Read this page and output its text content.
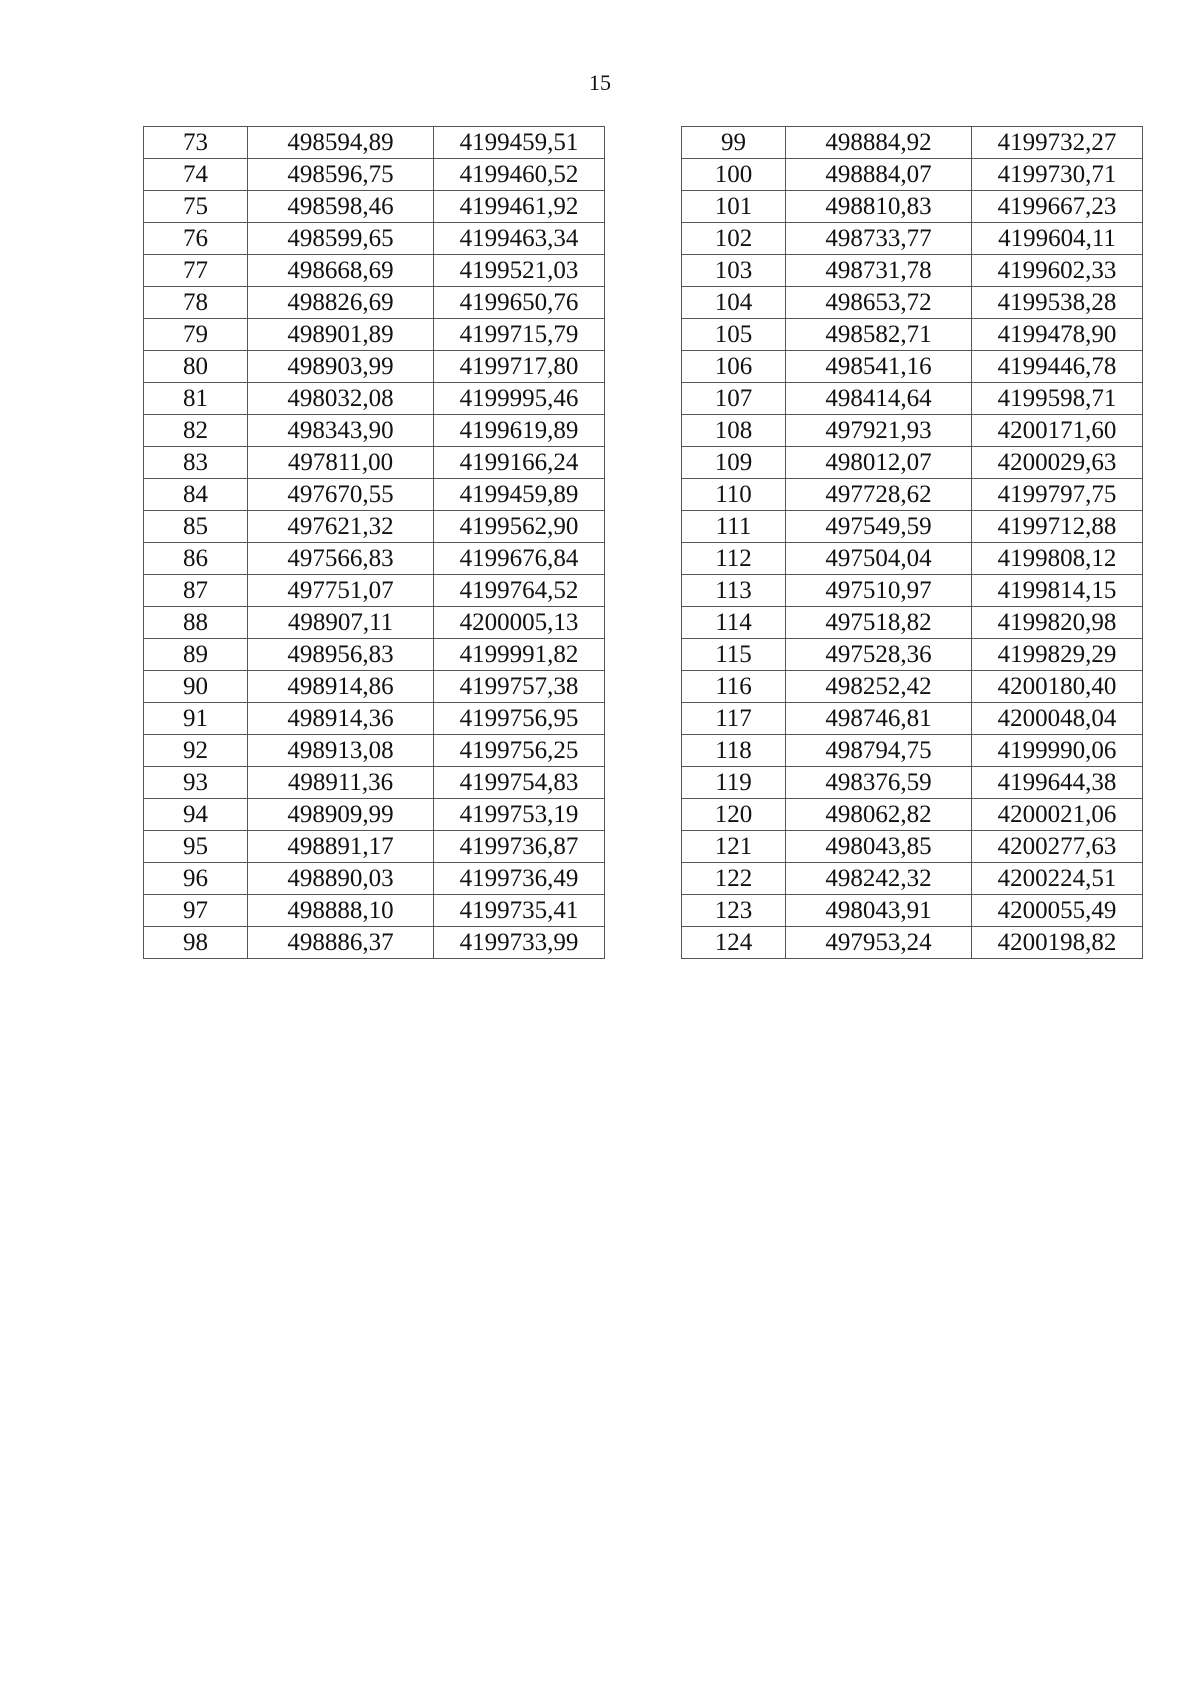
15
73	498594,89	4199459,51
74	498596,75	4199460,52
75	498598,46	4199461,92
76	498599,65	4199463,34
77	498668,69	4199521,03
78	498826,69	4199650,76
79	498901,89	4199715,79
80	498903,99	4199717,80
81	498032,08	4199995,46
82	498343,90	4199619,89
83	497811,00	4199166,24
84	497670,55	4199459,89
85	497621,32	4199562,90
86	497566,83	4199676,84
87	497751,07	4199764,52
88	498907,11	4200005,13
89	498956,83	4199991,82
90	498914,86	4199757,38
91	498914,36	4199756,95
92	498913,08	4199756,25
93	498911,36	4199754,83
94	498909,99	4199753,19
95	498891,17	4199736,87
96	498890,03	4199736,49
97	498888,10	4199735,41
98	498886,37	4199733,99
99	498884,92	4199732,27
100	498884,07	4199730,71
101	498810,83	4199667,23
102	498733,77	4199604,11
103	498731,78	4199602,33
104	498653,72	4199538,28
105	498582,71	4199478,90
106	498541,16	4199446,78
107	498414,64	4199598,71
108	497921,93	4200171,60
109	498012,07	4200029,63
110	497728,62	4199797,75
111	497549,59	4199712,88
112	497504,04	4199808,12
113	497510,97	4199814,15
114	497518,82	4199820,98
115	497528,36	4199829,29
116	498252,42	4200180,40
117	498746,81	4200048,04
118	498794,75	4199990,06
119	498376,59	4199644,38
120	498062,82	4200021,06
121	498043,85	4200277,63
122	498242,32	4200224,51
123	498043,91	4200055,49
124	497953,24	4200198,82
